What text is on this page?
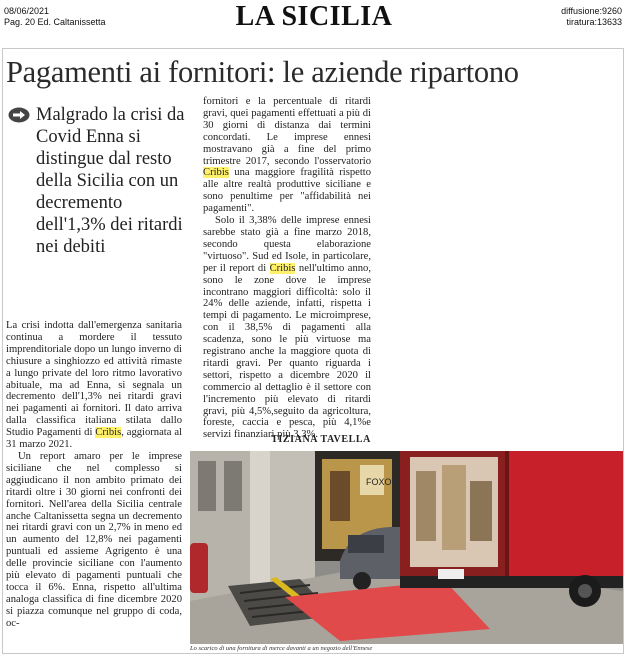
08/06/2021
Pag. 20 Ed. Caltanissetta	LA SICILIA	diffusione:9260
tiratura:13633
Pagamenti ai fornitori: le aziende ripartono
Malgrado la crisi da Covid Enna si distingue dal resto della Sicilia con un decremento dell'1,3% dei ritardi nei debiti

La crisi indotta dall'emergenza sanitaria continua a mordere il tessuto imprenditoriale dopo un lungo inverno di chiusure a singhiozzo ed attività rimaste a lungo private del loro ritmo lavorativo abituale, ma ad Enna, si segnala un decremento dell'1,3% nei ritardi gravi nei pagamenti ai fornitori. Il dato arriva dalla classifica italiana stilata dallo Studio Pagamenti di Cribis, aggiornata al 31 marzo 2021.

Un report amaro per le imprese siciliane che nel complesso si aggiudicano il non ambito primato dei ritardi oltre i 30 giorni nei confronti dei fornitori. Nell'area della Sicilia centrale anche Caltanissetta segna un decremento nei ritardi gravi con un 2,7% in meno ed un aumento del 12,8% nei pagamenti puntuali ed assieme Agrigento è una delle provincie siciliane con l'aumento più elevato di pagamenti puntuali che tocca il 6%. Enna, rispetto all'ultima analoga classifica di fine dicembre 2020 si piazza comunque nel gruppo di coda, oc-

fornitori e la percentuale di ritardi gravi, quei pagamenti effettuati a più di 30 giorni di distanza dai termini concordati. Le imprese ennesi mostravano già a fine del primo trimestre 2017, secondo l'osservatorio Cribis una maggiore fragilità rispetto alle altre realtà produttive siciliane e sono penultime per "affidabilità nei pagamenti".

Solo il 3,38% delle imprese ennesi sarebbe stato già a fine marzo 2018, secondo questa elaborazione "virtuoso". Sud ed Isole, in particolare, per il report di Cribis nell'ultimo anno, sono le zone dove le imprese incontrano maggiori difficoltà: solo il 24% delle aziende, infatti, rispetta i tempi di pagamento. Le microimprese, con il 38,5% di pagamenti alla scadenza, sono le più virtuose ma registrano anche la maggiore quota di ritardi gravi. Per quanto riguarda i settori, rispetto a dicembre 2020 il commercio al dettaglio è il settore con l'incremento più elevato di ritardi gravi, più 4,5%,seguito da agricoltura, foreste, caccia e pesca, più 4,1%e servizi finanziari più 3,3%.

TIZIANA TAVELLA
FOXO
Lo scarico di una fornitura di merce davanti a un negozio dell'Ennese
